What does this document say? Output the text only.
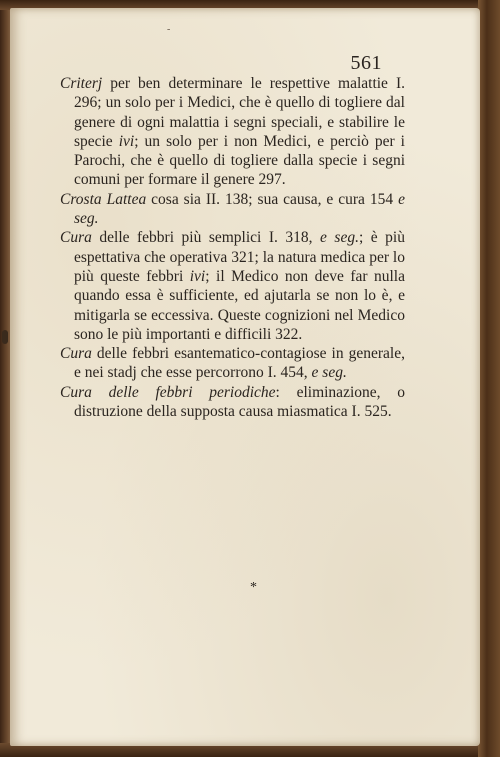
-
561

Criterj per ben determinare le respettive malattie I. 296; un solo per i Medici, che è quello di togliere dal genere di ogni malattia i segni speciali, e stabilire le specie ivi; un solo per i non Medici, e perciò per i Parochi, che è quello di togliere dalla specie i segni comuni per formare il genere 297.

Crosta Lattea cosa sia II. 138; sua causa, e cura 154 e seg.

Cura delle febbri più semplici I. 318, e seg.; è più espettativa che operativa 321; la natura medica per lo più queste febbri ivi; il Medico non deve far nulla quando essa è sufficiente, ed ajutarla se non lo è, e mitigarla se eccessiva. Queste cognizioni nel Medico sono le più importanti e difficili 322.

Cura delle febbri esantematico-contagiose in generale, e nei stadj che esse percorrono I. 454, e seg.

Cura delle febbri periodiche: eliminazione, o distruzione della supposta causa miasmatica I. 525.

*
